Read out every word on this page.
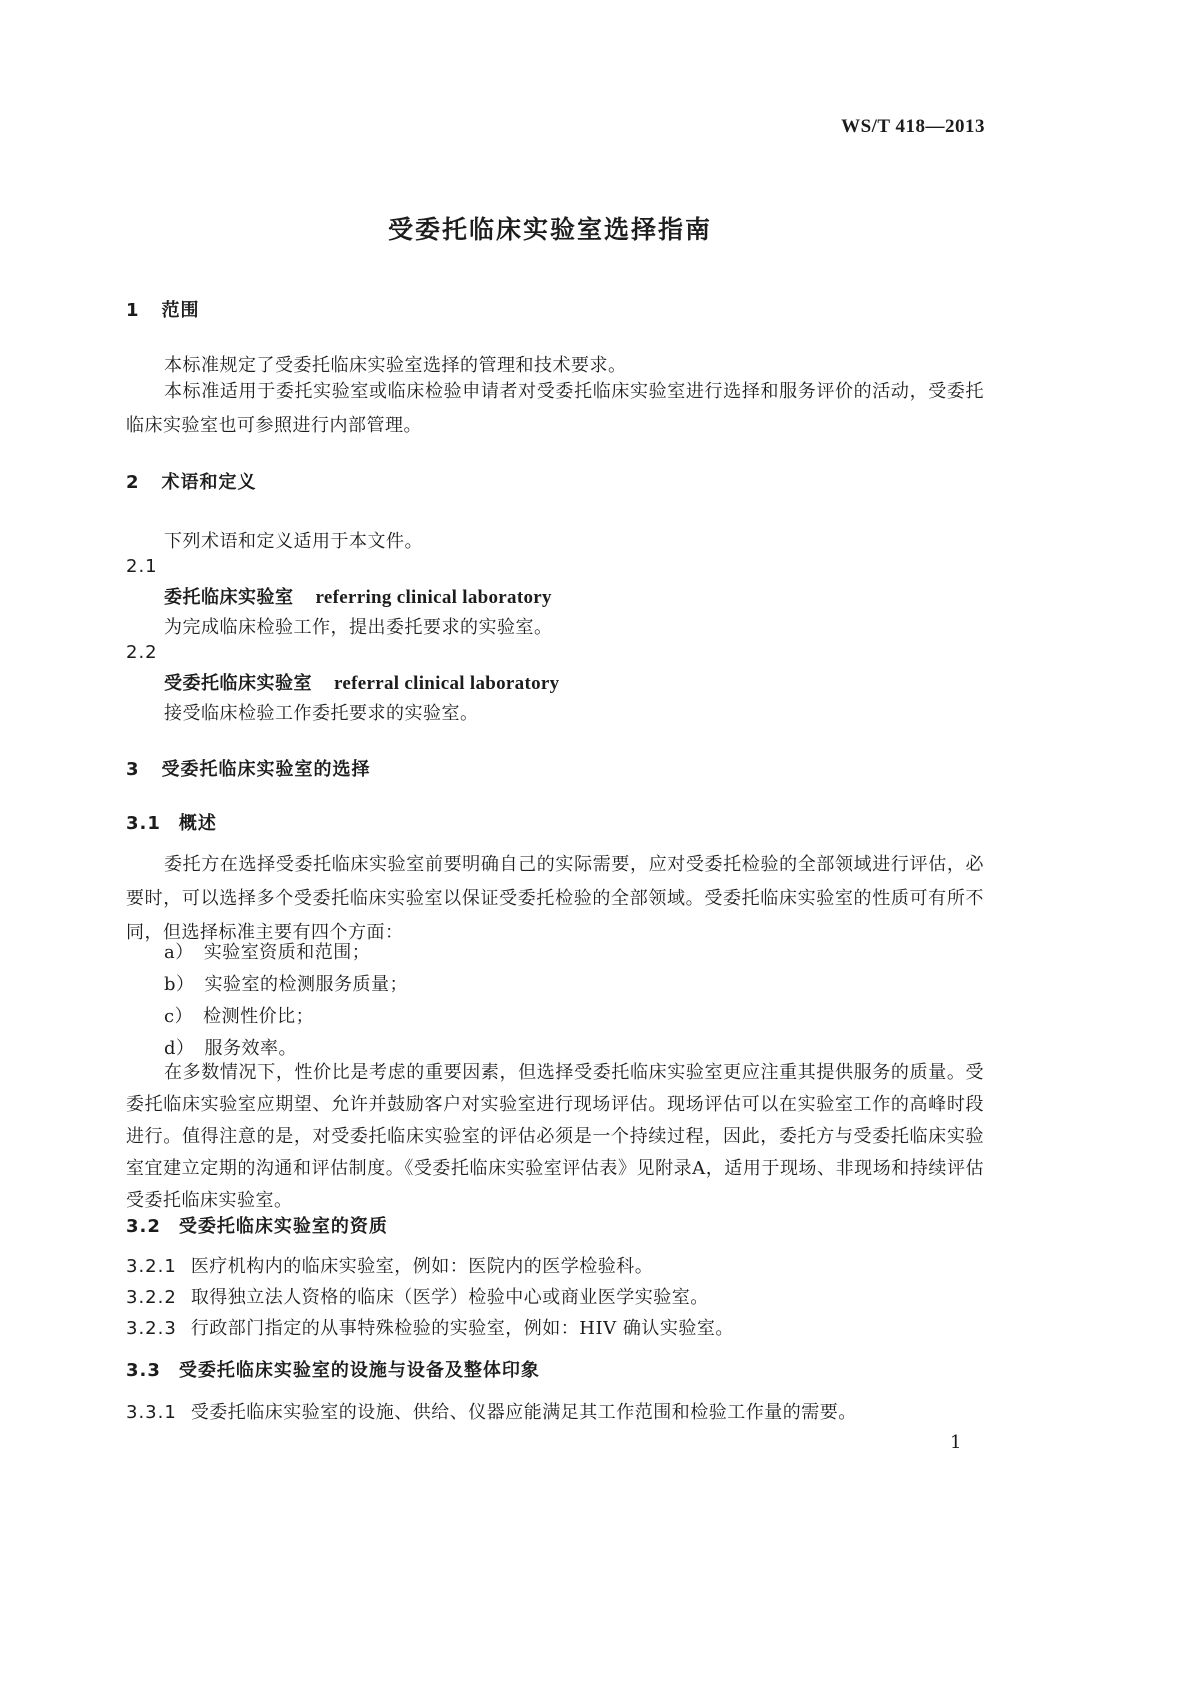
WS/T 418—2013
受委托临床实验室选择指南
1 范围
本标准规定了受委托临床实验室选择的管理和技术要求。
本标准适用于委托实验室或临床检验申请者对受委托临床实验室进行选择和服务评价的活动，受委托临床实验室也可参照进行内部管理。
2 术语和定义
下列术语和定义适用于本文件。
2.1
委托临床实验室 referring clinical laboratory
为完成临床检验工作，提出委托要求的实验室。
2.2
受委托临床实验室 referral clinical laboratory
接受临床检验工作委托要求的实验室。
3 受委托临床实验室的选择
3.1 概述
委托方在选择受委托临床实验室前要明确自己的实际需要，应对受委托检验的全部领域进行评估，必要时，可以选择多个受委托临床实验室以保证受委托检验的全部领域。受委托临床实验室的性质可有所不同，但选择标准主要有四个方面：
a） 实验室资质和范围；
b） 实验室的检测服务质量；
c） 检测性价比；
d） 服务效率。
在多数情况下，性价比是考虑的重要因素，但选择受委托临床实验室更应注重其提供服务的质量。受委托临床实验室应期望、允许并鼓励客户对实验室进行现场评估。现场评估可以在实验室工作的高峰时段进行。值得注意的是，对受委托临床实验室的评估必须是一个持续过程，因此，委托方与受委托临床实验室宜建立定期的沟通和评估制度。《受委托临床实验室评估表》见附录A，适用于现场、非现场和持续评估受委托临床实验室。
3.2 受委托临床实验室的资质
3.2.1 医疗机构内的临床实验室，例如：医院内的医学检验科。
3.2.2 取得独立法人资格的临床（医学）检验中心或商业医学实验室。
3.2.3 行政部门指定的从事特殊检验的实验室，例如：HIV 确认实验室。
3.3 受委托临床实验室的设施与设备及整体印象
3.3.1 受委托临床实验室的设施、供给、仪器应能满足其工作范围和检验工作量的需要。
1
